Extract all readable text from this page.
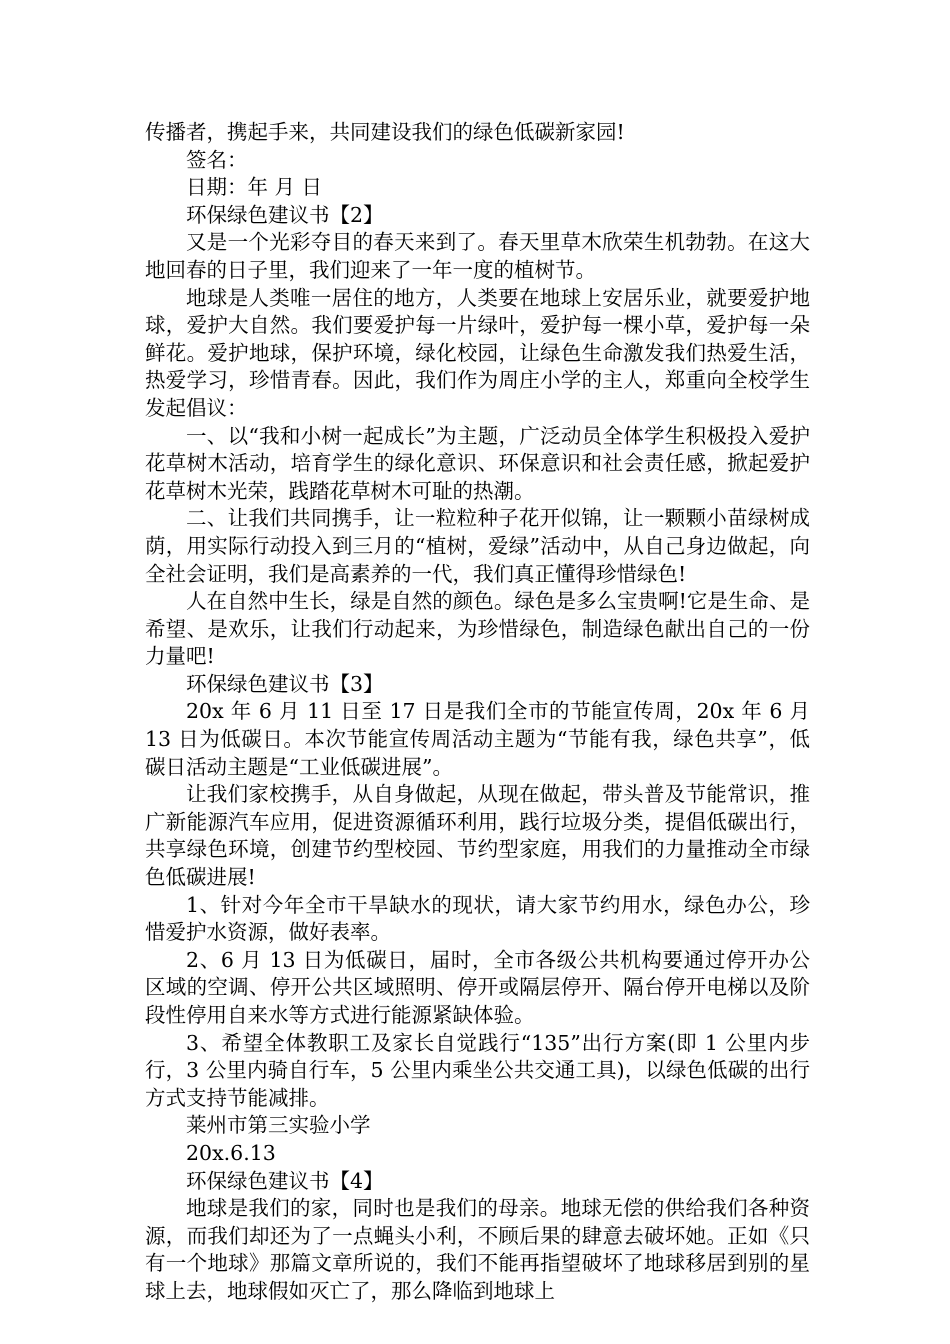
传播者，携起手来，共同建设我们的绿色低碳新家园!

签名：

日期：年 月 日

环保绿色建议书【2】

又是一个光彩夺目的春天来到了。春天里草木欣荣生机勃勃。在这大地回春的日子里，我们迎来了一年一度的植树节。

地球是人类唯一居住的地方，人类要在地球上安居乐业，就要爱护地球，爱护大自然。我们要爱护每一片绿叶，爱护每一棵小草，爱护每一朵鲜花。爱护地球，保护环境，绿化校园，让绿色生命激发我们热爱生活，热爱学习，珍惜青春。因此，我们作为周庄小学的主人，郑重向全校学生发起倡议：

一、以“我和小树一起成长”为主题，广泛动员全体学生积极投入爱护花草树木活动，培育学生的绿化意识、环保意识和社会责任感，掀起爱护花草树木光荣，践踏花草树木可耻的热潮。

二、让我们共同携手，让一粒粒种子花开似锦，让一颗颗小苗绿树成荫，用实际行动投入到三月的“植树，爱绿”活动中，从自己身边做起，向全社会证明，我们是高素养的一代，我们真正懂得珍惜绿色!

人在自然中生长，绿是自然的颜色。绿色是多么宝贵啊!它是生命、是希望、是欢乐，让我们行动起来，为珍惜绿色，制造绿色献出自己的一份力量吧!

环保绿色建议书【3】

20x 年 6 月 11 日至 17 日是我们全市的节能宣传周，20x 年 6 月 13 日为低碳日。本次节能宣传周活动主题为“节能有我，绿色共享”，低碳日活动主题是“工业低碳进展”。

让我们家校携手，从自身做起，从现在做起，带头普及节能常识，推广新能源汽车应用，促进资源循环利用，践行垃圾分类，提倡低碳出行，共享绿色环境，创建节约型校园、节约型家庭，用我们的力量推动全市绿色低碳进展!

1、针对今年全市干旱缺水的现状，请大家节约用水，绿色办公，珍惜爱护水资源，做好表率。

2、6 月 13 日为低碳日，届时，全市各级公共机构要通过停开办公区域的空调、停开公共区域照明、停开或隔层停开、隔台停开电梯以及阶段性停用自来水等方式进行能源紧缺体验。

3、希望全体教职工及家长自觉践行“135”出行方案(即 1 公里内步行，3 公里内骑自行车，5 公里内乘坐公共交通工具)，以绿色低碳的出行方式支持节能减排。

莱州市第三实验小学

20x.6.13

环保绿色建议书【4】

地球是我们的家，同时也是我们的母亲。地球无偿的供给我们各种资源，而我们却还为了一点蝇头小利，不顾后果的肆意去破坏她。正如《只有一个地球》那篇文章所说的，我们不能再指望破坏了地球移居到别的星球上去，地球假如灭亡了，那么降临到地球上
